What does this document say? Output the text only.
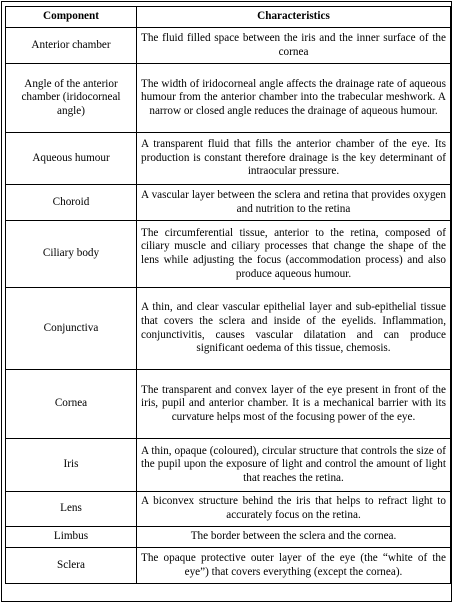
Component	Characteristics
Anterior chamber	The fluid filled space between the iris and the inner surface of the cornea
Angle of the anterior chamber (iridocorneal angle)	The width of iridocorneal angle affects the drainage rate of aqueous humour from the anterior chamber into the trabecular meshwork. A narrow or closed angle reduces the drainage of aqueous humour.
Aqueous humour	A transparent fluid that fills the anterior chamber of the eye. Its production is constant therefore drainage is the key determinant of intraocular pressure.
Choroid	A vascular layer between the sclera and retina that provides oxygen and nutrition to the retina
Ciliary body	The circumferential tissue, anterior to the retina, composed of ciliary muscle and ciliary processes that change the shape of the lens while adjusting the focus (accommodation process) and also produce aqueous humour.
Conjunctiva	A thin, and clear vascular epithelial layer and sub-epithelial tissue that covers the sclera and inside of the eyelids. Inflammation, conjunctivitis, causes vascular dilatation and can produce significant oedema of this tissue, chemosis.
Cornea	The transparent and convex layer of the eye present in front of the iris, pupil and anterior chamber. It is a mechanical barrier with its curvature helps most of the focusing power of the eye.
Iris	A thin, opaque (coloured), circular structure that controls the size of the pupil upon the exposure of light and control the amount of light that reaches the retina.
Lens	A biconvex structure behind the iris that helps to refract light to accurately focus on the retina.
Limbus	The border between the sclera and the cornea.
Sclera	The opaque protective outer layer of the eye (the “white of the eye”) that covers everything (except the cornea).
